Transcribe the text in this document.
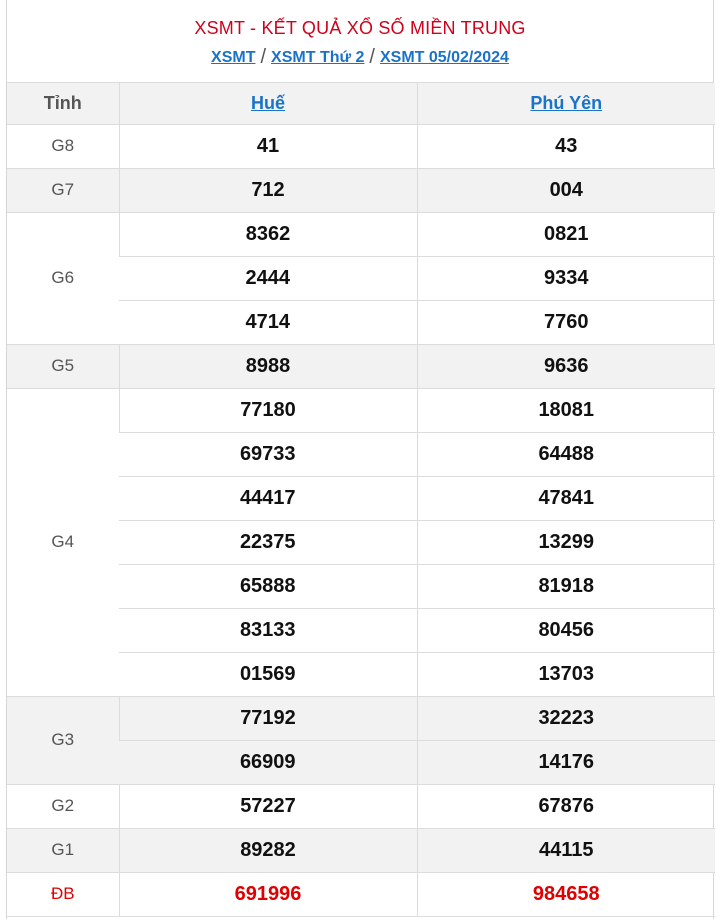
XSMT - KẾT QUẢ XỔ SỐ MIỀN TRUNG
XSMT / XSMT Thứ 2 / XSMT 05/02/2024
Tỉnh	Huế	Phú Yên
G8	41	43
G7	712	004
G6	8362	0821
	2444	9334
	4714	7760
G5	8988	9636
G4	77180	18081
	69733	64488
	44417	47841
	22375	13299
	65888	81918
	83133	80456
	01569	13703
G3	77192	32223
	66909	14176
G2	57227	67876
G1	89282	44115
ĐB	691996	984658
